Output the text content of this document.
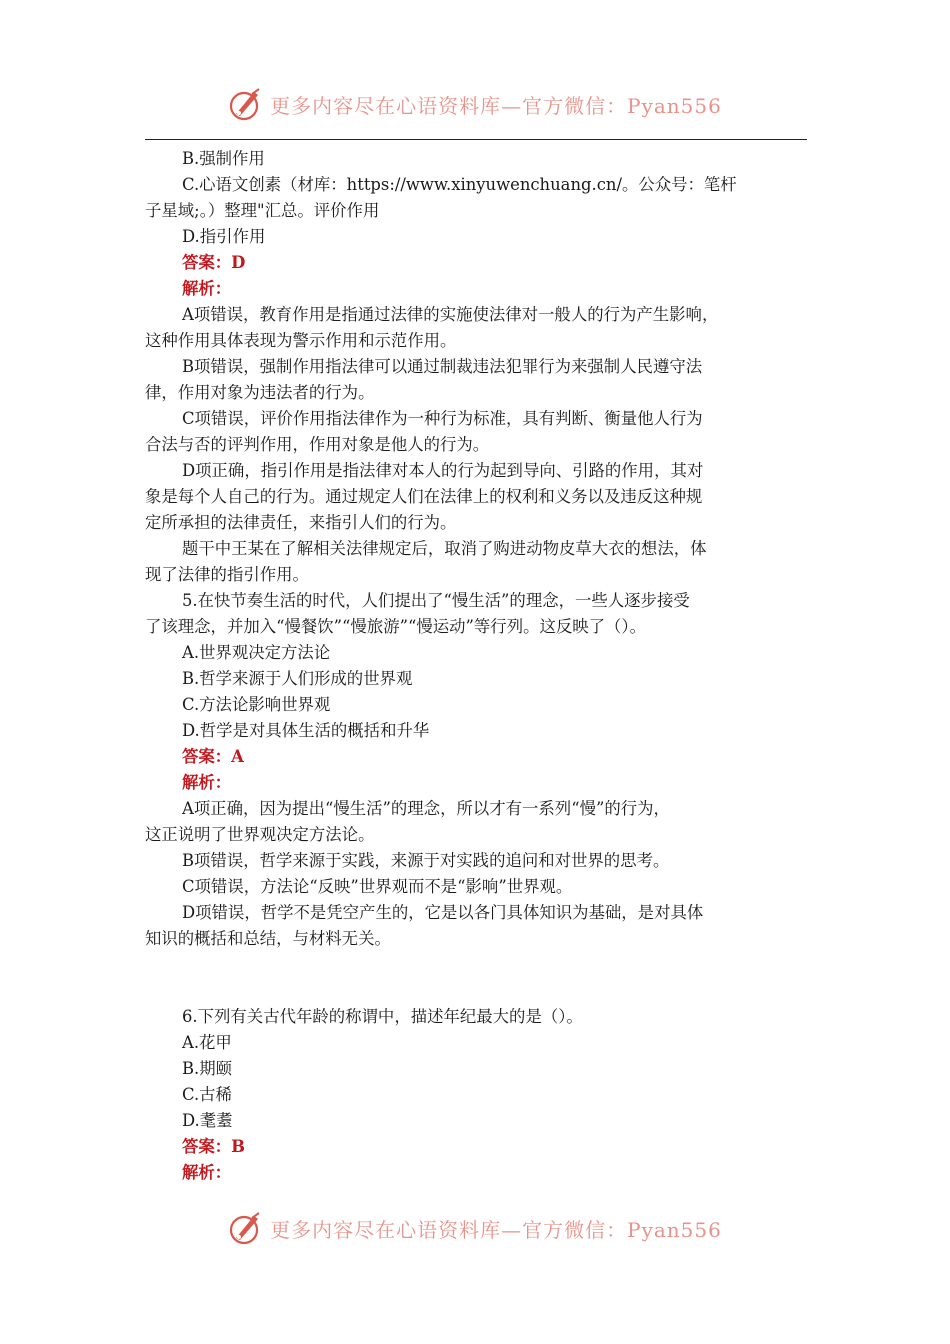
更多内容尽在心语资料库—官方微信：Pyan556
B.强制作用
C.心语文创素（材库：https://www.xinyuwenchuang.cn/。公众号：笔杆
子星域;。）整理"汇总。评价作用
D.指引作用
答案：D
解析：
A项错误，教育作用是指通过法律的实施使法律对一般人的行为产生影响，
这种作用具体表现为警示作用和示范作用。
B项错误，强制作用指法律可以通过制裁违法犯罪行为来强制人民遵守法
律，作用对象为违法者的行为。
C项错误，评价作用指法律作为一种行为标准，具有判断、衡量他人行为
合法与否的评判作用，作用对象是他人的行为。
D项正确，指引作用是指法律对本人的行为起到导向、引路的作用，其对
象是每个人自己的行为。通过规定人们在法律上的权利和义务以及违反这种规
定所承担的法律责任，来指引人们的行为。
题干中王某在了解相关法律规定后，取消了购进动物皮草大衣的想法，体
现了法律的指引作用。
5.在快节奏生活的时代，人们提出了“慢生活”的理念，一些人逐步接受
了该理念，并加入“慢餐饮”“慢旅游”“慢运动”等行列。这反映了（）。
A.世界观决定方法论
B.哲学来源于人们形成的世界观
C.方法论影响世界观
D.哲学是对具体生活的概括和升华
答案：A
解析：
A项正确，因为提出“慢生活”的理念，所以才有一系列“慢”的行为，
这正说明了世界观决定方法论。
B项错误，哲学来源于实践，来源于对实践的追问和对世界的思考。
C项错误，方法论“反映”世界观而不是“影响”世界观。
D项错误，哲学不是凭空产生的，它是以各门具体知识为基础，是对具体
知识的概括和总结，与材料无关。
6.下列有关古代年龄的称谓中，描述年纪最大的是（）。
A.花甲
B.期颐
C.古稀
D.耄耋
答案：B
解析：
更多内容尽在心语资料库—官方微信：Pyan556
